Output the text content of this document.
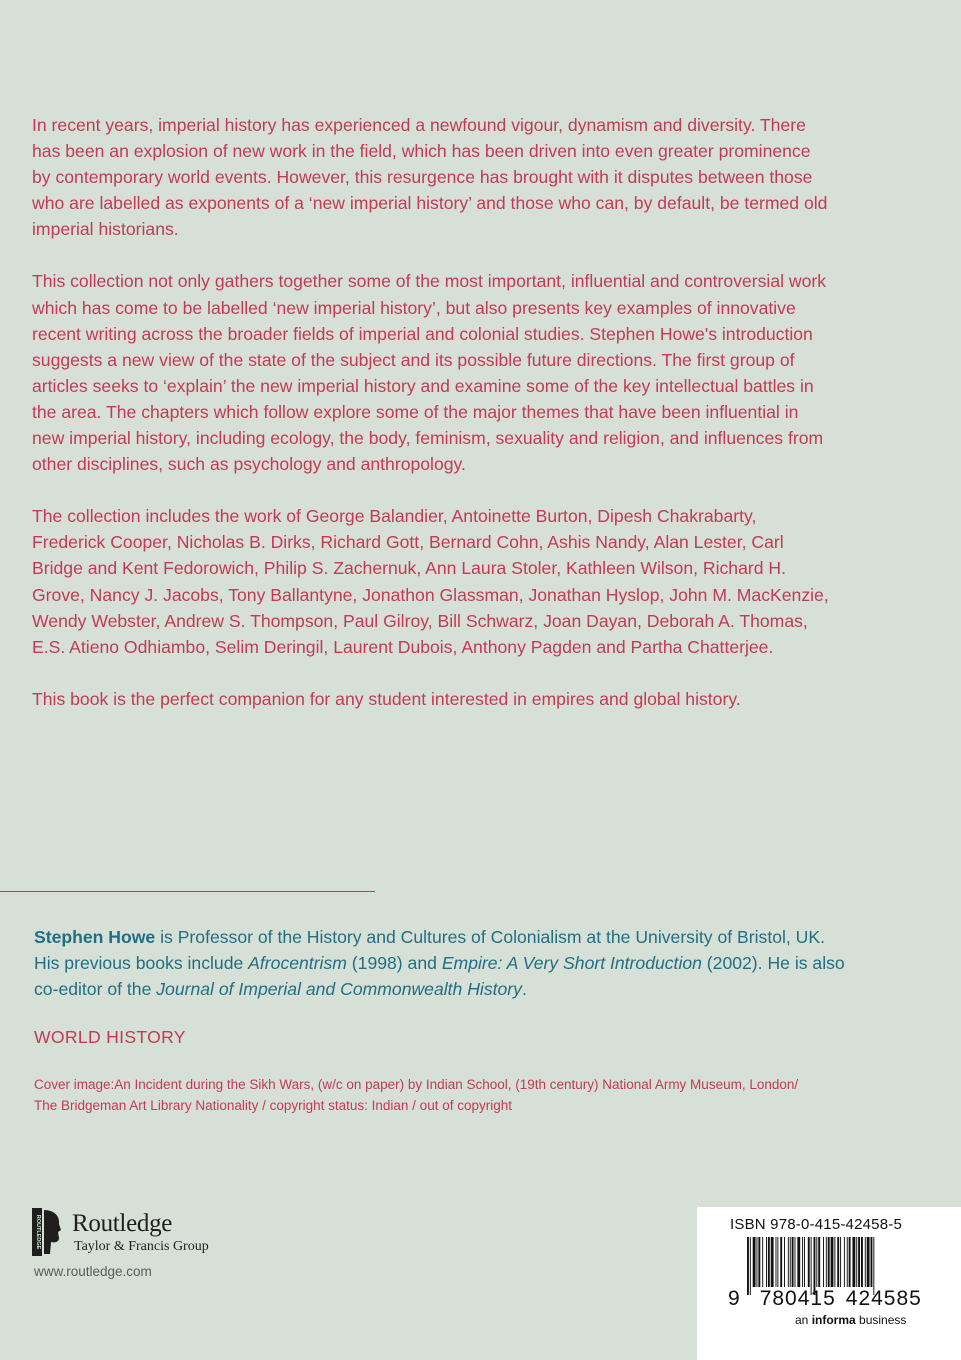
In recent years, imperial history has experienced a newfound vigour, dynamism and diversity. There has been an explosion of new work in the field, which has been driven into even greater prominence by contemporary world events. However, this resurgence has brought with it disputes between those who are labelled as exponents of a ‘new imperial history’ and those who can, by default, be termed old imperial historians.

This collection not only gathers together some of the most important, influential and controversial work which has come to be labelled ‘new imperial history’, but also presents key examples of innovative recent writing across the broader fields of imperial and colonial studies. Stephen Howe's introduction suggests a new view of the state of the subject and its possible future directions. The first group of articles seeks to ‘explain’ the new imperial history and examine some of the key intellectual battles in the area. The chapters which follow explore some of the major themes that have been influential in new imperial history, including ecology, the body, feminism, sexuality and religion, and influences from other disciplines, such as psychology and anthropology.

The collection includes the work of George Balandier, Antoinette Burton, Dipesh Chakrabarty, Frederick Cooper, Nicholas B. Dirks, Richard Gott, Bernard Cohn, Ashis Nandy, Alan Lester, Carl Bridge and Kent Fedorowich, Philip S. Zachernuk, Ann Laura Stoler, Kathleen Wilson, Richard H. Grove, Nancy J. Jacobs, Tony Ballantyne, Jonathon Glassman, Jonathan Hyslop, John M. MacKenzie, Wendy Webster, Andrew S. Thompson, Paul Gilroy, Bill Schwarz, Joan Dayan, Deborah A. Thomas, E.S. Atieno Odhiambo, Selim Deringil, Laurent Dubois, Anthony Pagden and Partha Chatterjee.

This book is the perfect companion for any student interested in empires and global history.

Stephen Howe is Professor of the History and Cultures of Colonialism at the University of Bristol, UK. His previous books include Afrocentrism (1998) and Empire: A Very Short Introduction (2002). He is also co-editor of the Journal of Imperial and Commonwealth History.
WORLD HISTORY
Cover image:An Incident during the Sikh Wars, (w/c on paper) by Indian School, (19th century) National Army Museum, London/ The Bridgeman Art Library Nationality / copyright status: Indian / out of copyright
ROUTLEDGE Routledge
Taylor & Francis Group
www.routledge.com
ISBN 978-0-415-42458-5
9 780415 424585
an informa business
